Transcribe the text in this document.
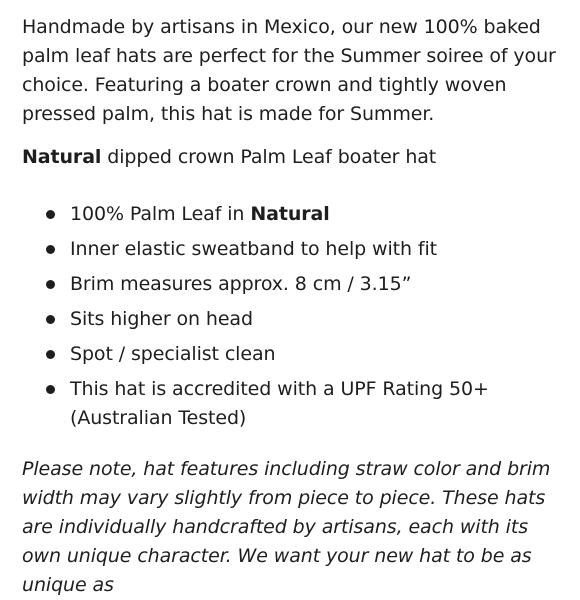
Handmade by artisans in Mexico, our new 100% baked palm leaf hats are perfect for the Summer soiree of your choice. Featuring a boater crown and tightly woven pressed palm, this hat is made for Summer.

Natural dipped crown Palm Leaf boater hat

100% Palm Leaf in Natural
Inner elastic sweatband to help with fit
Brim measures approx. 8 cm / 3.15”
Sits higher on head
Spot / specialist clean
This hat is accredited with a UPF Rating 50+ (Australian Tested)

Please note, hat features including straw color and brim width may vary slightly from piece to piece. These hats are individually handcrafted by artisans, each with its own unique character. We want your new hat to be as unique as
